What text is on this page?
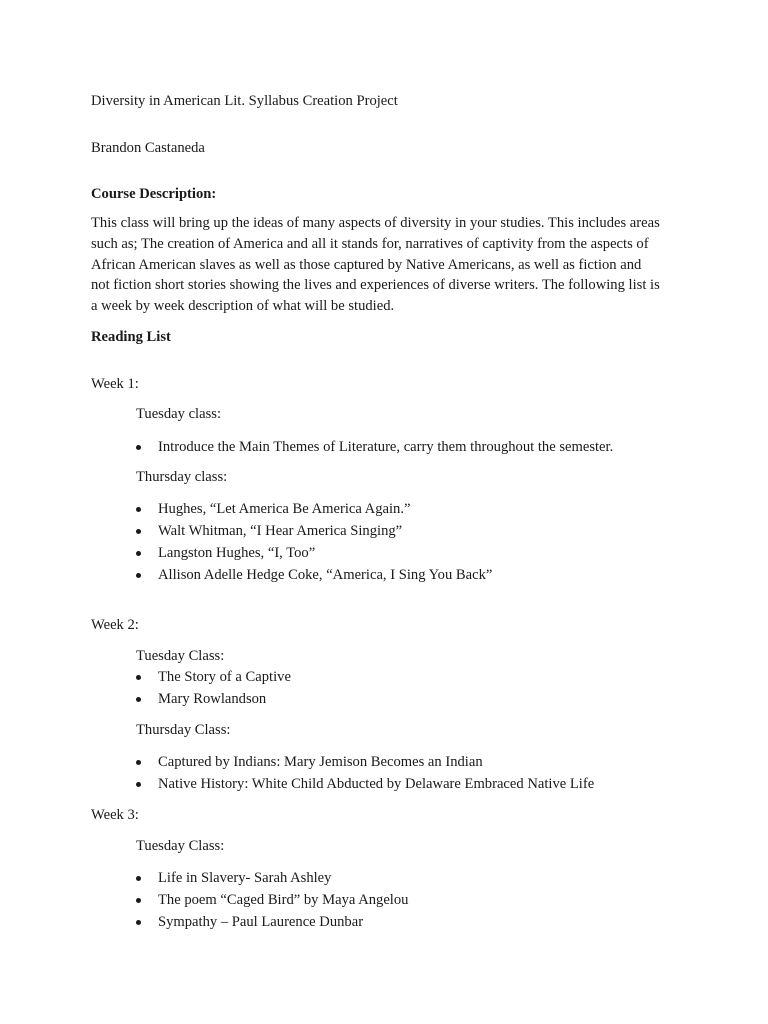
Diversity in American Lit. Syllabus Creation Project

Brandon Castaneda

Course Description:

This class will bring up the ideas of many aspects of diversity in your studies. This includes areas
such as; The creation of America and all it stands for, narratives of captivity from the aspects of
African American slaves as well as those captured by Native Americans, as well as fiction and
not fiction short stories showing the lives and experiences of diverse writers. The following list is
a week by week description of what will be studied.

Reading List

Week 1:

Tuesday class:

Introduce the Main Themes of Literature, carry them throughout the semester.

Thursday class:

Hughes, “Let America Be America Again.”
Walt Whitman, “I Hear America Singing”
Langston Hughes, “I, Too”
Allison Adelle Hedge Coke, “America, I Sing You Back”

Week 2:

Tuesday Class:

The Story of a Captive
Mary Rowlandson

Thursday Class:

Captured by Indians: Mary Jemison Becomes an Indian
Native History: White Child Abducted by Delaware Embraced Native Life

Week 3:

Tuesday Class:

Life in Slavery- Sarah Ashley
The poem “Caged Bird” by Maya Angelou
Sympathy – Paul Laurence Dunbar
